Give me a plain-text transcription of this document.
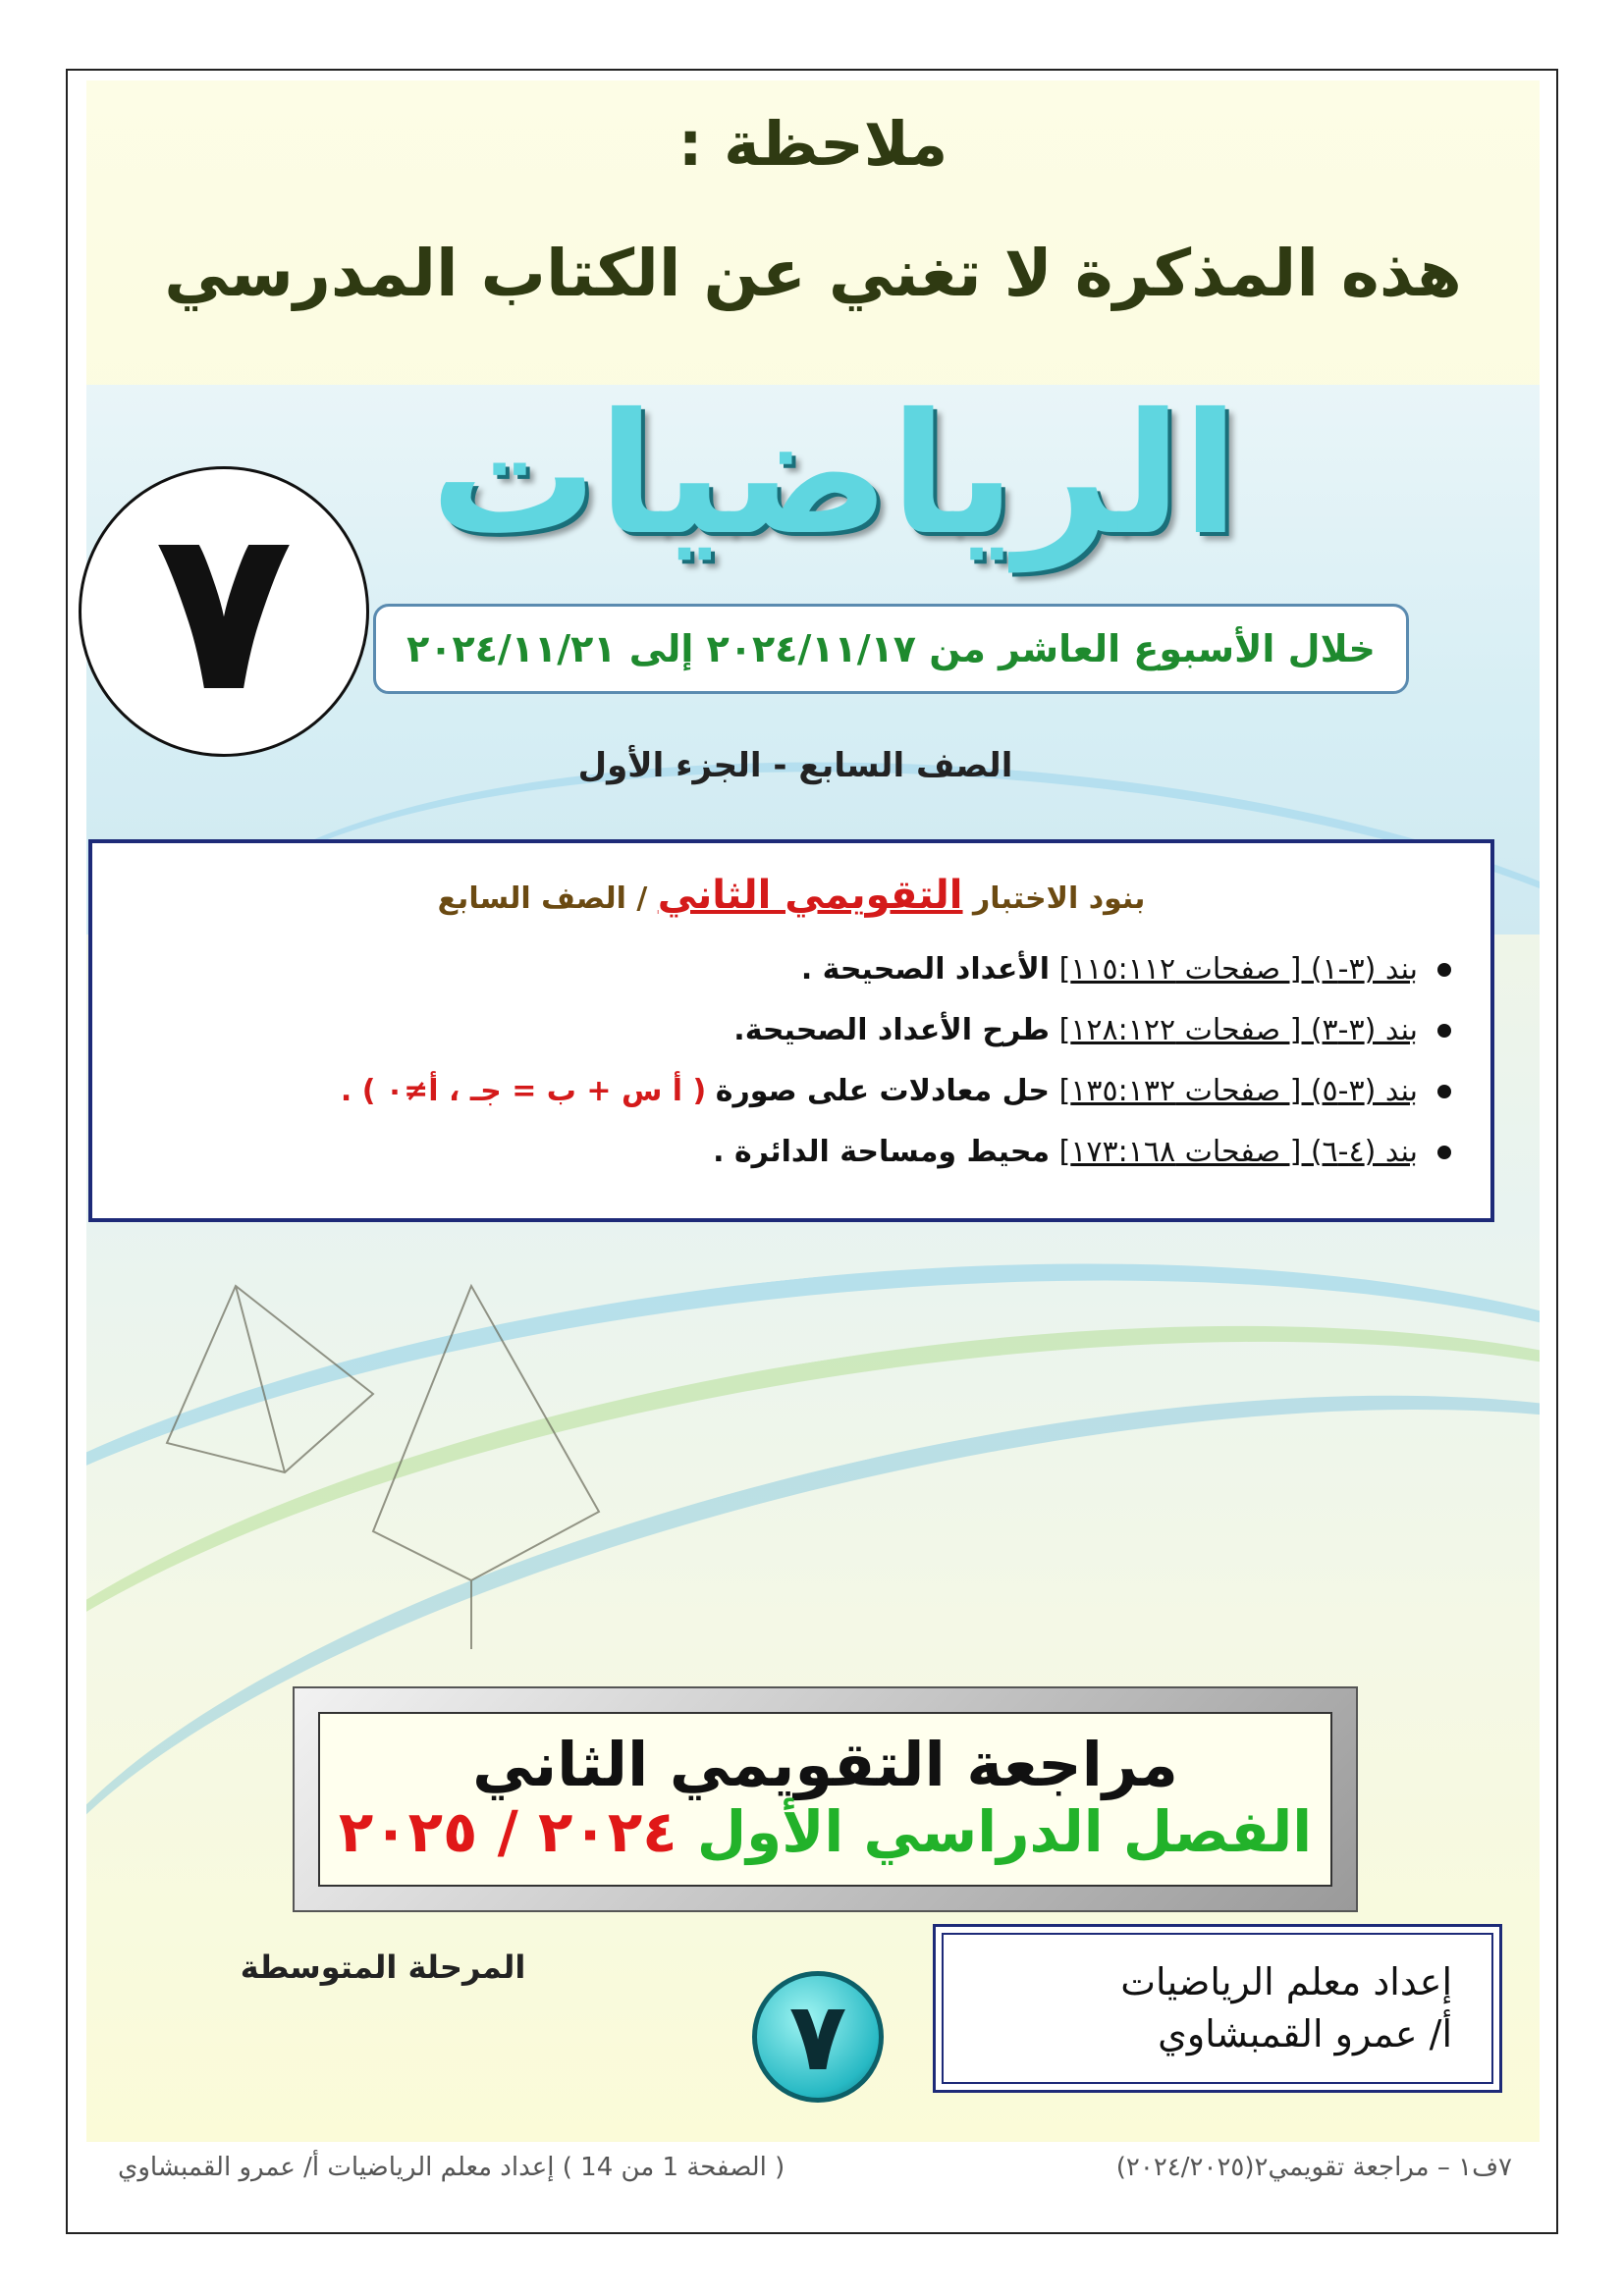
ملاحظة :
هذه المذكرة لا تغني عن الكتاب المدرسي
الرياضيات
٧	خلال الأسبوع العاشر من ٢٠٢٤/١١/١٧ إلى ٢٠٢٤/١١/٢١
الصف السابع - الجزء الأول
بنود الاختبار التقويمي الثاني / الصف السابع
بند (٣-١) [ صفحات ١١٥:١١٢] الأعداد الصحيحة .
بند (٣-٣) [ صفحات ١٢٨:١٢٢] طرح الأعداد الصحيحة.
بند (٣-٥) [ صفحات ١٣٥:١٣٢] حل معادلات على صورة ( أ س + ب = جـ ، أ≠٠ ) .
بند (٤-٦) [ صفحات ١٧٣:١٦٨] محيط ومساحة الدائرة .
مراجعة التقويمي الثاني
الفصل الدراسي الأول ٢٠٢٤ / ٢٠٢٥
المرحلة المتوسطة
٧
إعداد معلم الرياضيات
أ/ عمرو القمبشاوي
٧ف١ – مراجعة تقويمي٢(٢٠٢٤/٢٠٢٥)
( الصفحة 1 من 14 ) إعداد معلم الرياضيات أ/ عمرو القمبشاوي
